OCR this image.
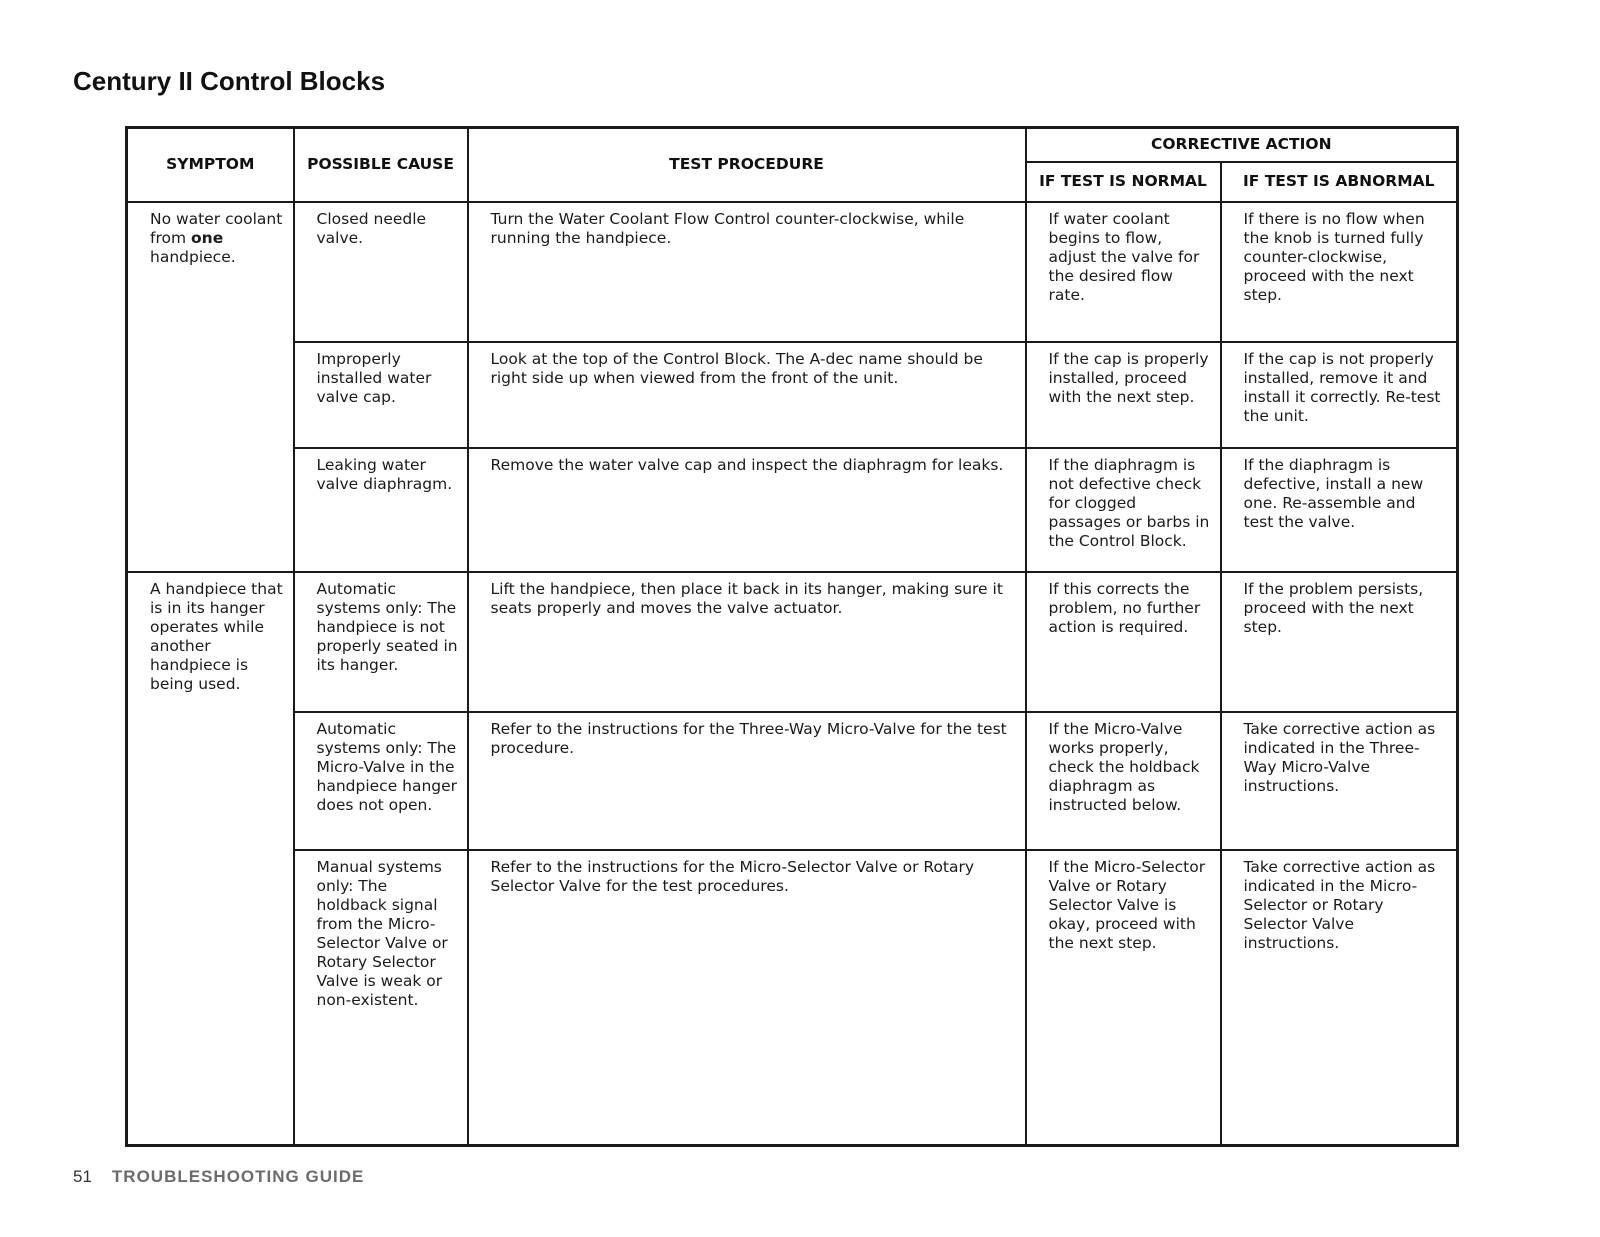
Century II Control Blocks
SYMPTOM	POSSIBLE CAUSE	TEST PROCEDURE	CORRECTIVE ACTION	
			IF TEST IS NORMAL	IF TEST IS ABNORMAL
No water coolant from one handpiece.	Closed needle valve.	Turn the Water Coolant Flow Control counter-clockwise, while running the handpiece.	If water coolant begins to flow, adjust the valve for the desired flow rate.	If there is no flow when the knob is turned fully counter-clockwise, proceed with the next step.
	Improperly installed water valve cap.	Look at the top of the Control Block. The A-dec name should be right side up when viewed from the front of the unit.	If the cap is properly installed, proceed with the next step.	If the cap is not properly installed, remove it and install it correctly. Re-test the unit.
	Leaking water valve diaphragm.	Remove the water valve cap and inspect the diaphragm for leaks.	If the diaphragm is not defective check for clogged passages or barbs in the Control Block.	If the diaphragm is defective, install a new one. Re-assemble and test the valve.
A handpiece that is in its hanger operates while another handpiece is being used.	Automatic systems only: The handpiece is not properly seated in its hanger.	Lift the handpiece, then place it back in its hanger, making sure it seats properly and moves the valve actuator.	If this corrects the problem, no further action is required.	If the problem persists, proceed with the next step.
	Automatic systems only: The Micro-Valve in the handpiece hanger does not open.	Refer to the instructions for the Three-Way Micro-Valve for the test procedure.	If the Micro-Valve works properly, check the holdback diaphragm as instructed below.	Take corrective action as indicated in the Three-Way Micro-Valve instructions.
	Manual systems only: The holdback signal from the Micro-Selector Valve or Rotary Selector Valve is weak or non-existent.	Refer to the instructions for the Micro-Selector Valve or Rotary Selector Valve for the test procedures.	If the Micro-Selector Valve or Rotary Selector Valve is okay, proceed with the next step.	Take corrective action as indicated in the Micro-Selector or Rotary Selector Valve instructions.
51 TROUBLESHOOTING GUIDE
